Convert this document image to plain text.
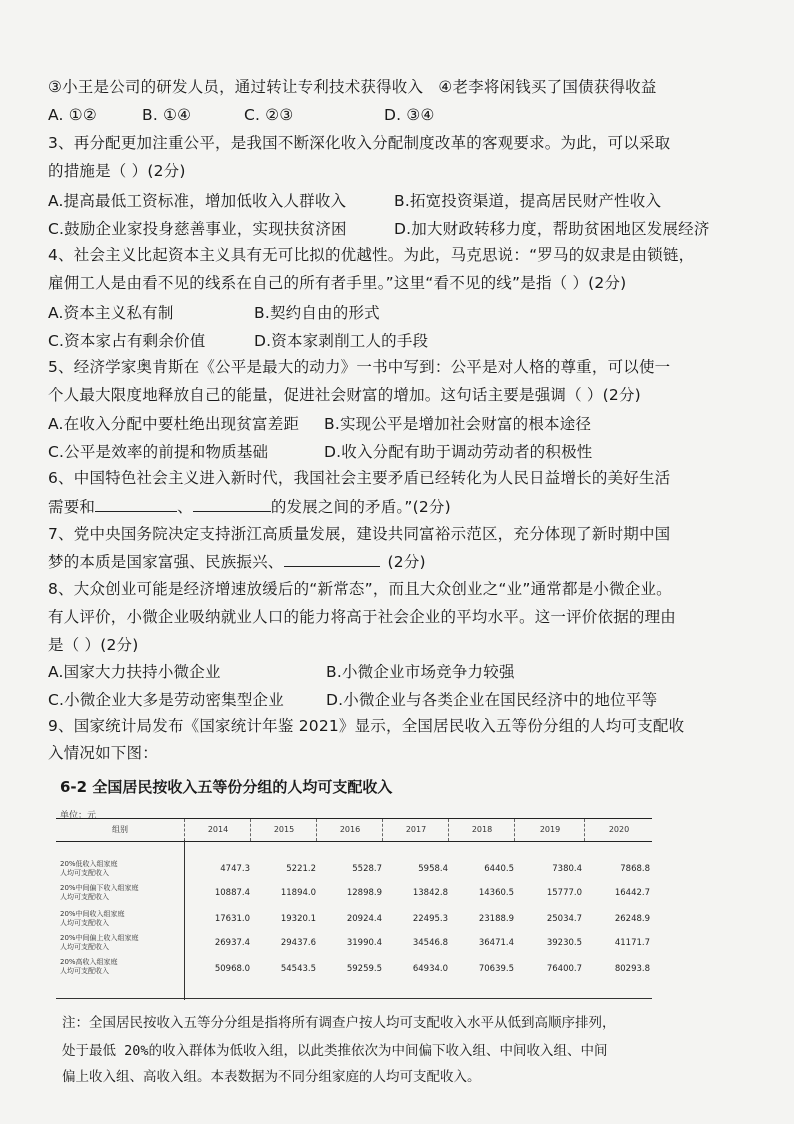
③小王是公司的研发人员，通过转让专利技术获得收入 ④老李将闲钱买了国债获得收益
A. ①②	B. ①④	C. ②③	D. ③④
3、再分配更加注重公平，是我国不断深化收入分配制度改革的客观要求。为此，可以采取
的措施是（ ）(2分)
A.提高最低工资标准，增加低收入人群收入	B.拓宽投资渠道，提高居民财产性收入
C.鼓励企业家投身慈善事业，实现扶贫济困	D.加大财政转移力度，帮助贫困地区发展经济
4、社会主义比起资本主义具有无可比拟的优越性。为此，马克思说：“罗马的奴隶是由锁链，
雇佣工人是由看不见的线系在自己的所有者手里。”这里“看不见的线”是指（ ）(2分)
A.资本主义私有制	B.契约自由的形式
C.资本家占有剩余价值	D.资本家剥削工人的手段
5、经济学家奥肯斯在《公平是最大的动力》一书中写到：公平是对人格的尊重，可以使一
个人最大限度地释放自己的能量，促进社会财富的增加。这句话主要是强调（ ）(2分)
A.在收入分配中要杜绝出现贫富差距 B.实现公平是增加社会财富的根本途径
C.公平是效率的前提和物质基础	D.收入分配有助于调动劳动者的积极性
6、中国特色社会主义进入新时代，我国社会主要矛盾已经转化为人民日益增长的美好生活
需要和	、	的发展之间的矛盾。”(2分)
7、党中央国务院决定支持浙江高质量发展，建设共同富裕示范区，充分体现了新时期中国
梦的本质是国家富强、民族振兴、	(2分)
8、大众创业可能是经济增速放缓后的“新常态”，而且大众创业之“业”通常都是小微企业。
有人评价，小微企业吸纳就业人口的能力将高于社会企业的平均水平。这一评价依据的理由
是（ ）(2分)
A.国家大力扶持小微企业	B.小微企业市场竞争力较强
C.小微企业大多是劳动密集型企业	D.小微企业与各类企业在国民经济中的地位平等
9、国家统计局发布《国家统计年鉴 2021》显示，全国居民收入五等份分组的人均可支配收
入情况如下图：
6-2 全国居民按收入五等份分组的人均可支配收入
单位：元
组别	2014	2015	2016	2017	2018	2019	2020
20%低收入组家庭
人均可支配收入	4747.3	5221.2	5528.7	5958.4	6440.5	7380.4	7868.8
20%中间偏下收入组家庭
人均可支配收入	10887.4	11894.0	12898.9	13842.8	14360.5	15777.0	16442.7
20%中间收入组家庭
人均可支配收入	17631.0	19320.1	20924.4	22495.3	23188.9	25034.7	26248.9
20%中间偏上收入组家庭
人均可支配收入	26937.4	29437.6	31990.4	34546.8	36471.4	39230.5	41171.7
20%高收入组家庭
人均可支配收入	50968.0	54543.5	59259.5	64934.0	70639.5	76400.7	80293.8
注：全国居民按收入五等分分组是指将所有调查户按人均可支配收入水平从低到高顺序排列，
处于最低 20%的收入群体为低收入组，以此类推依次为中间偏下收入组、中间收入组、中间
偏上收入组、高收入组。本表数据为不同分组家庭的人均可支配收入。
